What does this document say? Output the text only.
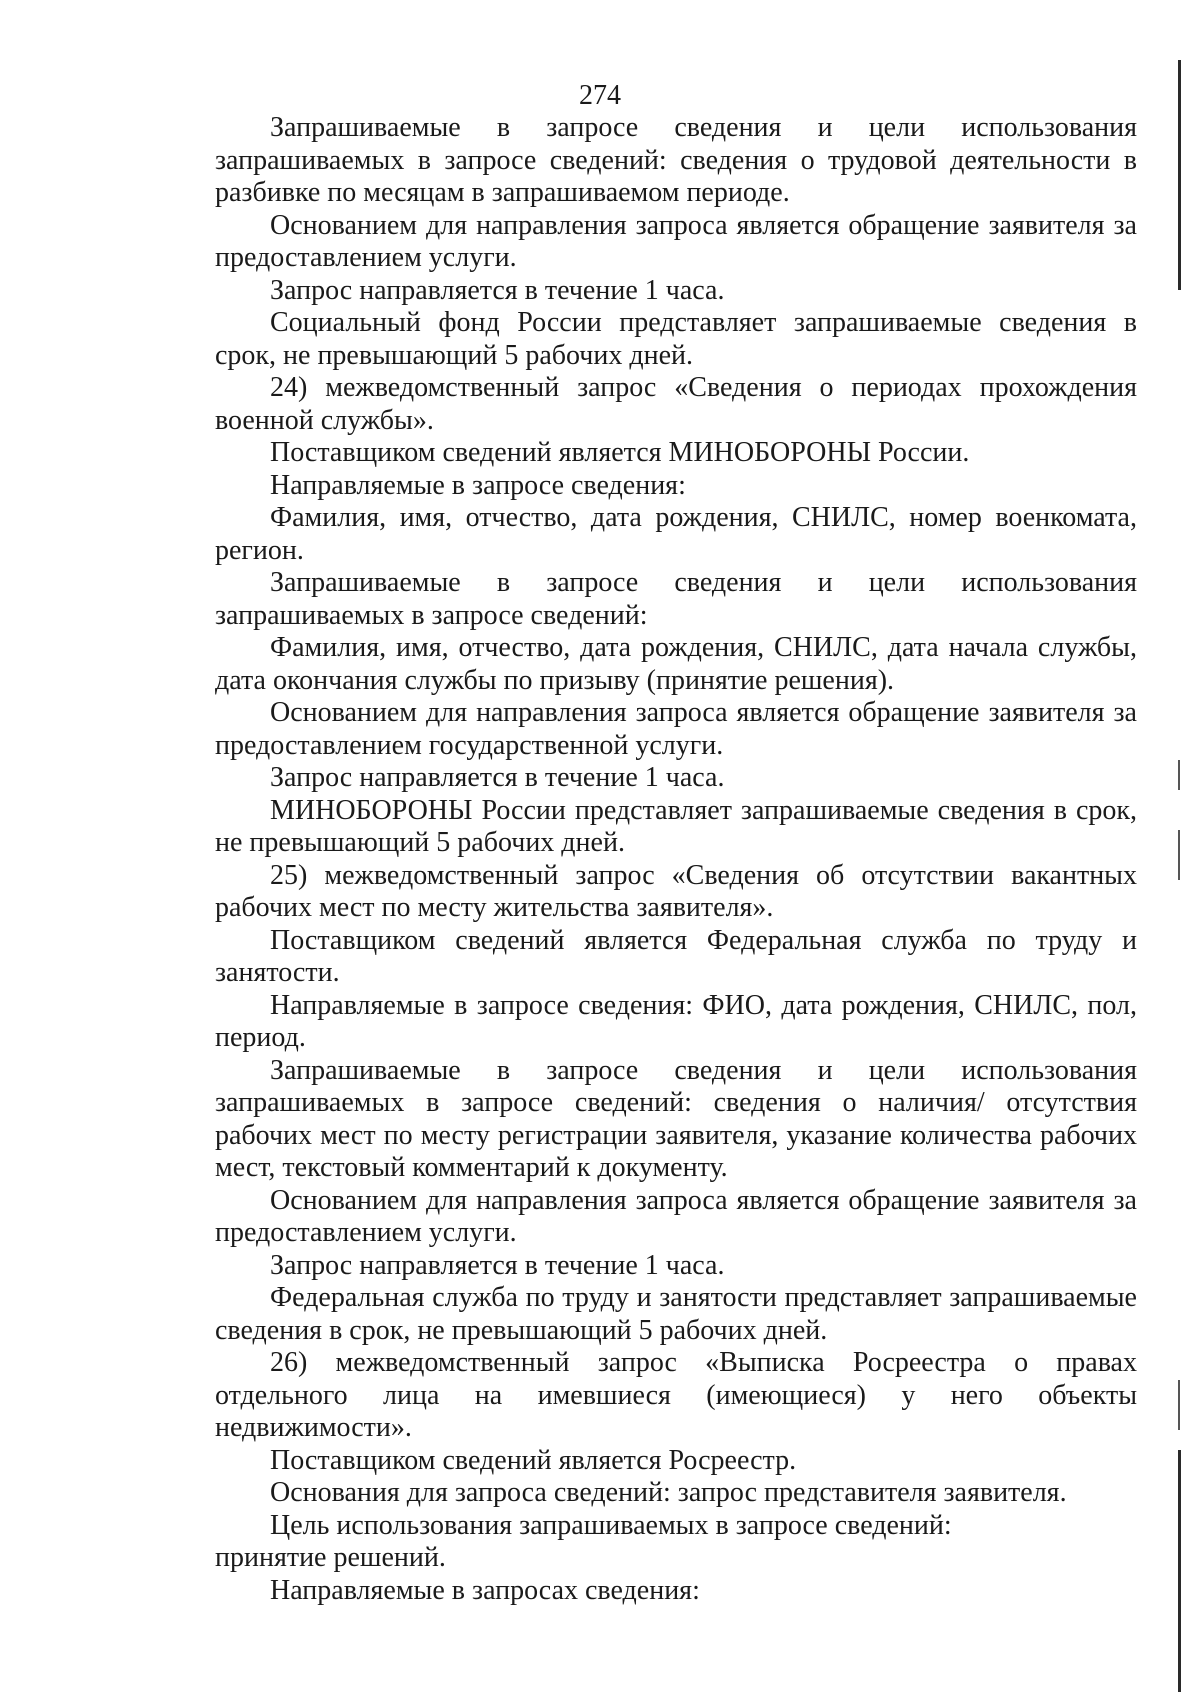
274

Запрашиваемые в запросе сведения и цели использования запрашиваемых в запросе сведений: сведения о трудовой деятельности в разбивке по месяцам в запрашиваемом периоде.

Основанием для направления запроса является обращение заявителя за предоставлением услуги.

Запрос направляется в течение 1 часа.

Социальный фонд России представляет запрашиваемые сведения в срок, не превышающий 5 рабочих дней.

24) межведомственный запрос «Сведения о периодах прохождения военной службы».

Поставщиком сведений является МИНОБОРОНЫ России.

Направляемые в запросе сведения:

Фамилия, имя, отчество, дата рождения, СНИЛС, номер военкомата, регион.

Запрашиваемые в запросе сведения и цели использования запрашиваемых в запросе сведений:

Фамилия, имя, отчество, дата рождения, СНИЛС, дата начала службы, дата окончания службы по призыву (принятие решения).

Основанием для направления запроса является обращение заявителя за предоставлением государственной услуги.

Запрос направляется в течение 1 часа.

МИНОБОРОНЫ России представляет запрашиваемые сведения в срок, не превышающий 5 рабочих дней.

25) межведомственный запрос «Сведения об отсутствии вакантных рабочих мест по месту жительства заявителя».

Поставщиком сведений является Федеральная служба по труду и занятости.

Направляемые в запросе сведения: ФИО, дата рождения, СНИЛС, пол, период.

Запрашиваемые в запросе сведения и цели использования запрашиваемых в запросе сведений: сведения о наличия/ отсутствия рабочих мест по месту регистрации заявителя, указание количества рабочих мест, текстовый комментарий к документу.

Основанием для направления запроса является обращение заявителя за предоставлением услуги.

Запрос направляется в течение 1 часа.

Федеральная служба по труду и занятости представляет запрашиваемые сведения в срок, не превышающий 5 рабочих дней.

26) межведомственный запрос «Выписка Росреестра о правах отдельного лица на имевшиеся (имеющиеся) у него объекты недвижимости».

Поставщиком сведений является Росреестр.

Основания для запроса сведений: запрос представителя заявителя.

Цель использования запрашиваемых в запросе сведений:

принятие решений.

Направляемые в запросах сведения:
